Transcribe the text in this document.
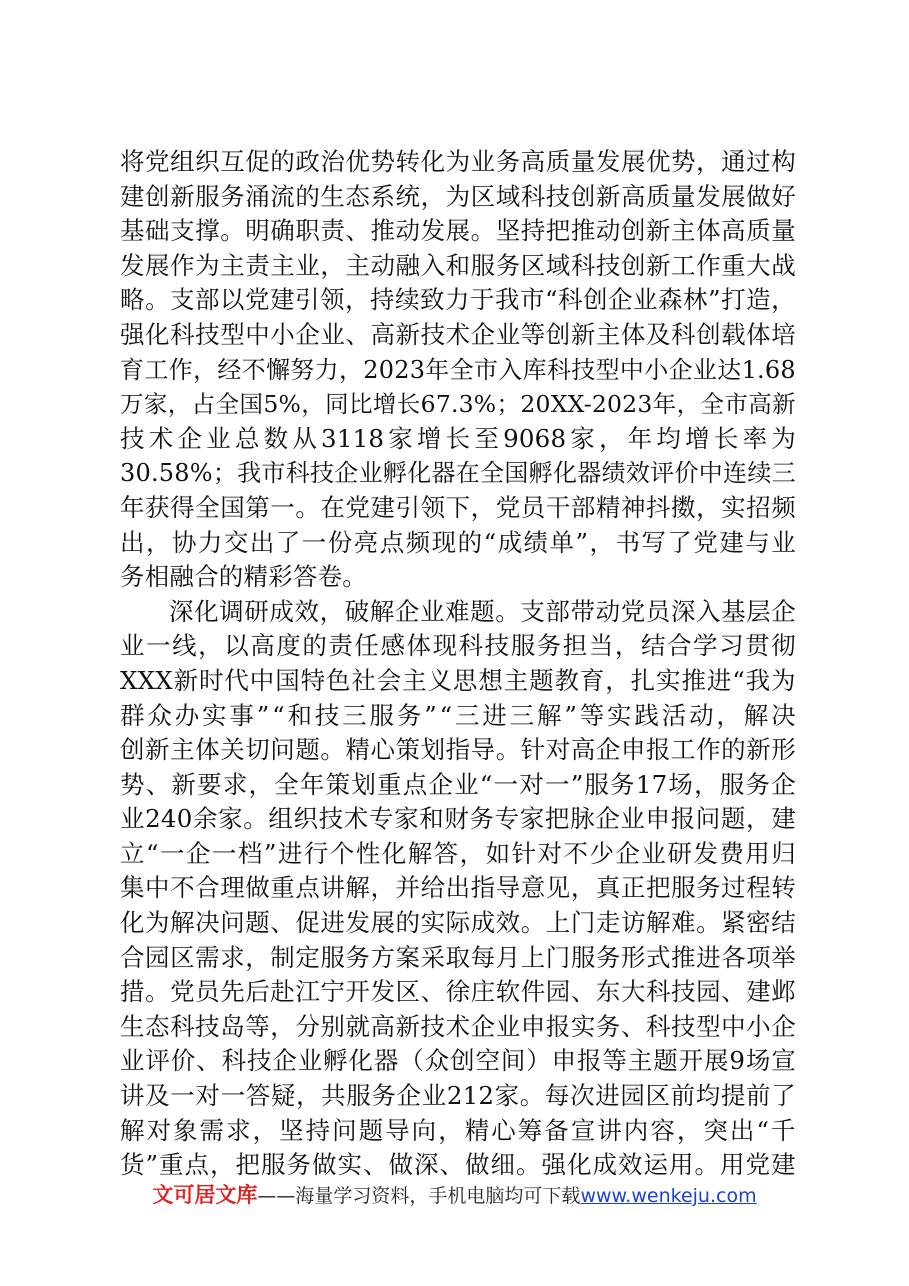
将 党 组 织 互 促 的 政 治 优 势 转 化 为 业 务 高 质 量 发 展 优 势 ， 通 过 构
建 创 新 服 务 涌 流 的 生 态 系 统 ， 为 区 域 科 技 创 新 高 质 量 发 展 做 好
基 础 支 撑 。 明 确 职 责 、 推 动 发 展 。 坚 持 把 推 动 创 新 主 体 高 质 量
发 展 作 为 主 责 主 业 ， 主 动 融 入 和 服 务 区 域 科 技 创 新 工 作 重 大 战
略 。 支 部 以 党 建 引 领 ， 持 续 致 力 于 我 市 “ 科 创 企 业 森 林 ” 打 造 ，
强 化 科 技 型 中 小 企 业 、 高 新 技 术 企 业 等 创 新 主 体 及 科 创 载 体 培
育 工 作 ， 经 不 懈 努 力 ， 2023 年 全 市 入 库 科 技 型 中 小 企 业 达 1.68
万 家 ， 占 全 国 5% ， 同 比 增 长 67.3% ； 20XX-2023 年 ， 全 市 高 新
技 术 企 业 总 数 从 3118 家 增 长 至 9068 家 ， 年 均 增 长 率 为
30.58% ； 我 市 科 技 企 业 孵 化 器 在 全 国 孵 化 器 绩 效 评 价 中 连 续 三
年 获 得 全 国 第 一 。 在 党 建 引 领 下 ， 党 员 干 部 精 神 抖 擞 ， 实 招 频
出 ， 协 力 交 出 了 一 份 亮 点 频 现 的 “ 成 绩 单 ” ， 书 写 了 党 建 与 业
务相融合的精彩答卷。
深 化 调 研 成 效 ， 破 解 企 业 难 题 。 支 部 带 动 党 员 深 入 基 层 企
业 一 线 ， 以 高 度 的 责 任 感 体 现 科 技 服 务 担 当 ， 结 合 学 习 贯 彻
XXX 新 时 代 中 国 特 色 社 会 主 义 思 想 主 题 教 育 ， 扎 实 推 进 “ 我 为
群 众 办 实 事 ” “ 和 技 三 服 务 ” “ 三 进 三 解 ” 等 实 践 活 动 ， 解 决
创 新 主 体 关 切 问 题 。 精 心 策 划 指 导 。 针 对 高 企 申 报 工 作 的 新 形
势 、 新 要 求 ， 全 年 策 划 重 点 企 业 “ 一 对 一 ” 服 务 17 场 ， 服 务 企
业 240 余 家 。 组 织 技 术 专 家 和 财 务 专 家 把 脉 企 业 申 报 问 题 ， 建
立 “ 一 企 一 档 ” 进 行 个 性 化 解 答 ， 如 针 对 不 少 企 业 研 发 费 用 归
集 中 不 合 理 做 重 点 讲 解 ， 并 给 出 指 导 意 见 ， 真 正 把 服 务 过 程 转
化 为 解 决 问 题 、 促 进 发 展 的 实 际 成 效 。 上 门 走 访 解 难 。 紧 密 结
合 园 区 需 求 ， 制 定 服 务 方 案 采 取 每 月 上 门 服 务 形 式 推 进 各 项 举
措 。 党 员 先 后 赴 江 宁 开 发 区 、 徐 庄 软 件 园 、 东 大 科 技 园 、 建 邺
生 态 科 技 岛 等 ， 分 别 就 高 新 技 术 企 业 申 报 实 务 、 科 技 型 中 小 企
业 评 价 、 科 技 企 业 孵 化 器 （ 众 创 空 间 ） 申 报 等 主 题 开 展 9 场 宣
讲 及 一 对 一 答 疑 ， 共 服 务 企 业 212 家 。 每 次 进 园 区 前 均 提 前 了
解 对 象 需 求 ， 坚 持 问 题 导 向 ， 精 心 筹 备 宣 讲 内 容 ， 突 出 “ 千
货 ” 重 点 ， 把 服 务 做 实 、 做 深 、 做 细 。 强 化 成 效 运 用 。 用 党 建
文可居文库——海量学习资料，手机电脑均可下载www.wenkeju.com
